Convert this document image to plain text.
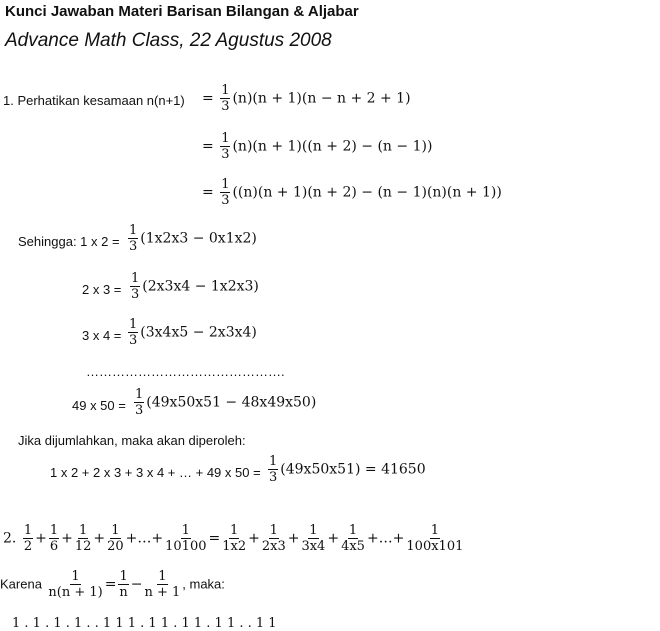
Kunci Jawaban Materi Barisan Bilangan & Aljabar
Advance Math Class, 22 Agustus 2008
1. Perhatikan kesamaan $n(n+1) = \frac{1}{3} (n)(n + 1)(n - n + 2 + 1)$
= $\frac{1}{3} (n)(n + 1)((n + 2) - (n - 1))$
= $\frac{1}{3} ((n)(n + 1)(n + 2) - (n - 1)(n)(n + 1))$
Sehingga: 1 x $2 = \frac{1}{3} (1x2x3 - 0x1x2)$
2 x $3 = \frac{1}{3} (2x3x4 - 1x2x3)$
3 x $4 = \frac{1}{3} (3x4x5 - 2x3x4)$
……………………………………….
49 x $50 = \frac{1}{3} (49x50x51 - 48x49x50)$
Jika dijumlahkan, maka akan diperoleh:
1 x 2 + 2 x 3 + 3 x 4 + … + 49 x $50 = \frac{1}{3} (49x50x51) = 41650$
2. $\frac{1}{2} + \frac{1}{6} + \frac{1}{12} + \frac{1}{20}$ +…+ $\frac{1}{10100} = \frac{1}{1x2} + \frac{1}{2x3} + \frac{1}{3x4} + \frac{1}{4x5}$ +…+ $\frac{1}{100x101}$
Karena $\frac{1}{n(n + 1)} = \frac{1}{n} - \frac{1}{n + 1}$ , maka:
1 . 1 . 1 . 1 . . 1 1 1 . 1 1 . 1 1 . 1 1 . . 1 1
